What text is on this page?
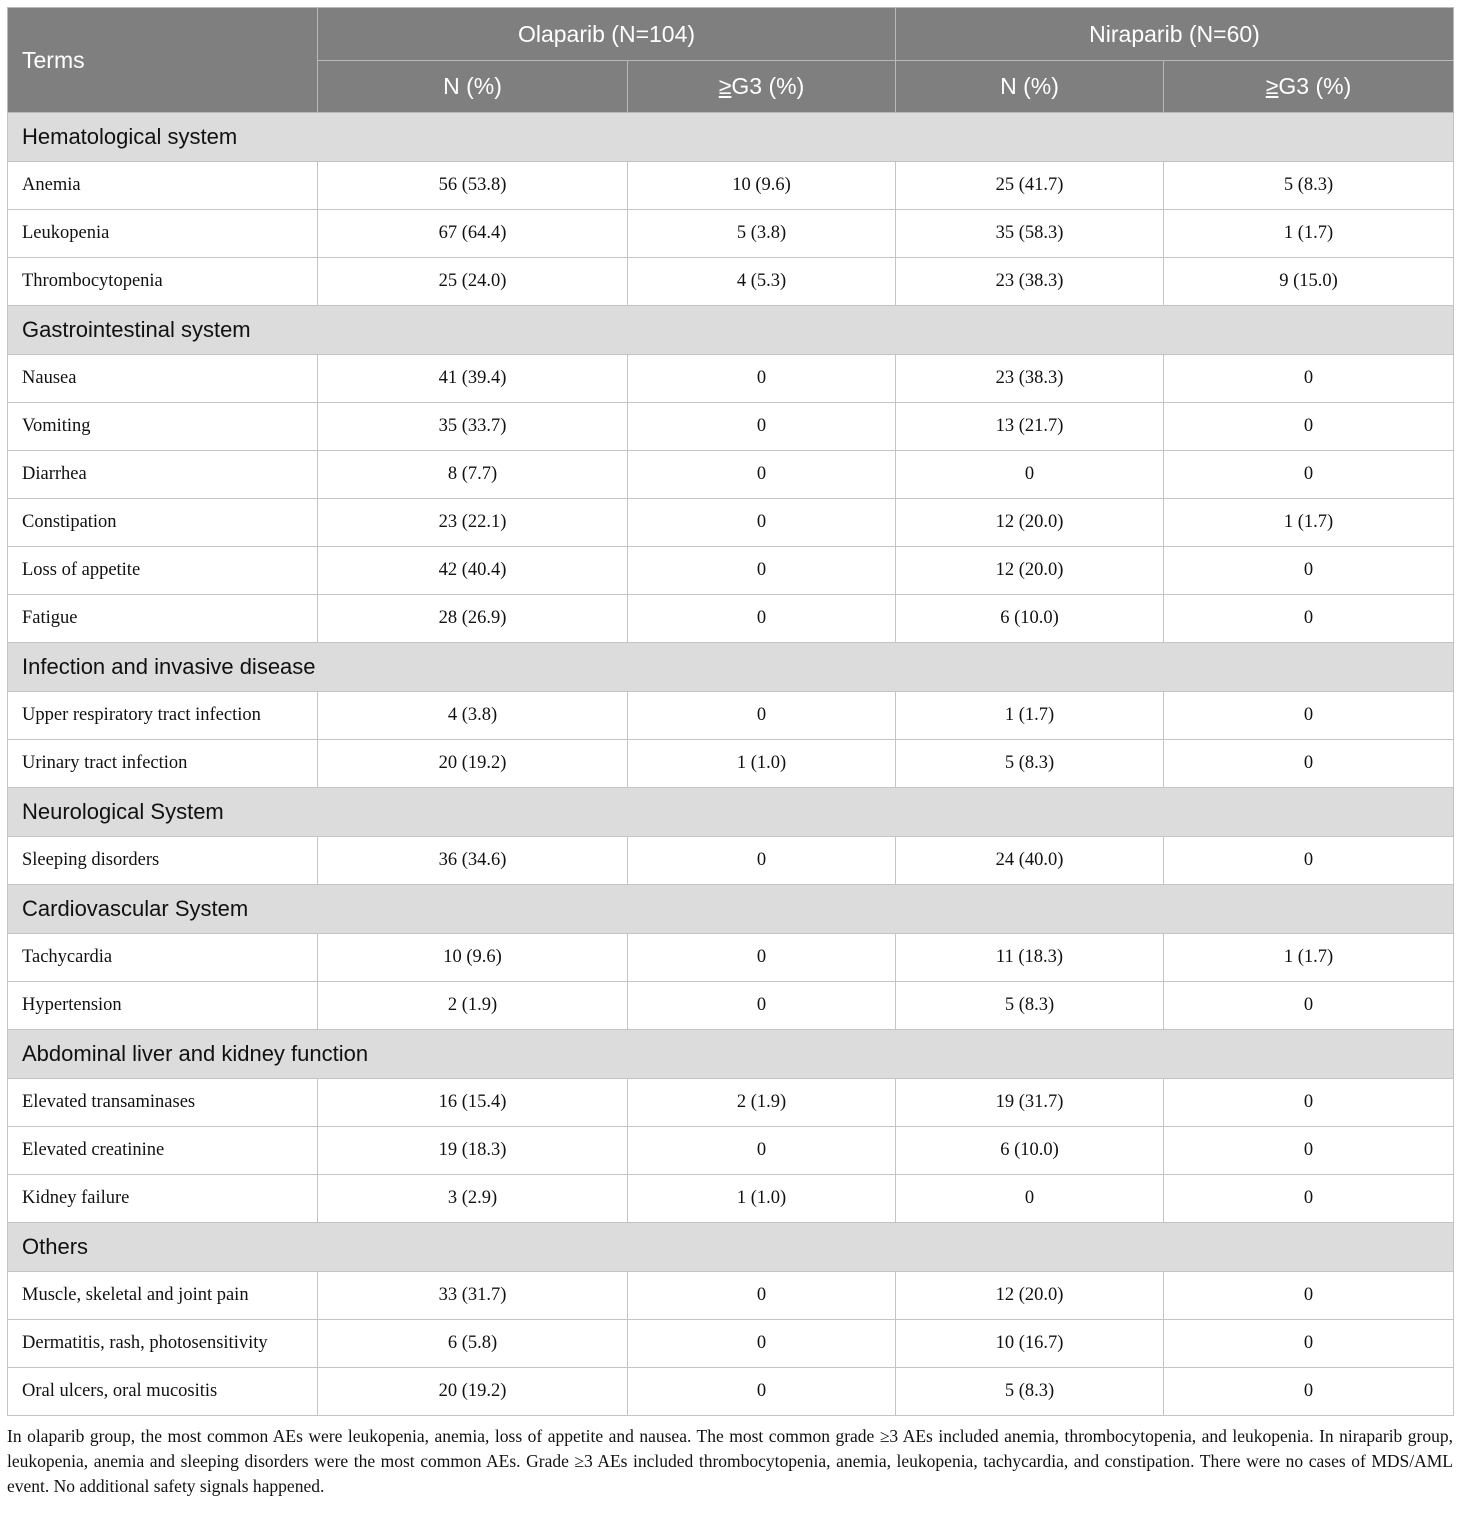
Terms	Olaparib (N=104)		Niraparib (N=60)	
	N (%)	≥G3 (%)	N (%)	≥G3 (%)
Hematological system				
Anemia	56 (53.8)	10 (9.6)	25 (41.7)	5 (8.3)
Leukopenia	67 (64.4)	5 (3.8)	35 (58.3)	1 (1.7)
Thrombocytopenia	25 (24.0)	4 (5.3)	23 (38.3)	9 (15.0)
Gastrointestinal system				
Nausea	41 (39.4)	0	23 (38.3)	0
Vomiting	35 (33.7)	0	13 (21.7)	0
Diarrhea	8 (7.7)	0	0	0
Constipation	23 (22.1)	0	12 (20.0)	1 (1.7)
Loss of appetite	42 (40.4)	0	12 (20.0)	0
Fatigue	28 (26.9)	0	6 (10.0)	0
Infection and invasive disease				
Upper respiratory tract infection	4 (3.8)	0	1 (1.7)	0
Urinary tract infection	20 (19.2)	1 (1.0)	5 (8.3)	0
Neurological System				
Sleeping disorders	36 (34.6)	0	24 (40.0)	0
Cardiovascular System				
Tachycardia	10 (9.6)	0	11 (18.3)	1 (1.7)
Hypertension	2 (1.9)	0	5 (8.3)	0
Abdominal liver and kidney function				
Elevated transaminases	16 (15.4)	2 (1.9)	19 (31.7)	0
Elevated creatinine	19 (18.3)	0	6 (10.0)	0
Kidney failure	3 (2.9)	1 (1.0)	0	0
Others				
Muscle, skeletal and joint pain	33 (31.7)	0	12 (20.0)	0
Dermatitis, rash, photosensitivity	6 (5.8)	0	10 (16.7)	0
Oral ulcers, oral mucositis	20 (19.2)	0	5 (8.3)	0
In olaparib group, the most common AEs were leukopenia, anemia, loss of appetite and nausea. The most common grade ≥3 AEs included anemia, thrombocytopenia, and leukopenia. In niraparib group, leukopenia, anemia and sleeping disorders were the most common AEs. Grade ≥3 AEs included thrombocytopenia, anemia, leukopenia, tachycardia, and constipation. There were no cases of MDS/AML event. No additional safety signals happened.
